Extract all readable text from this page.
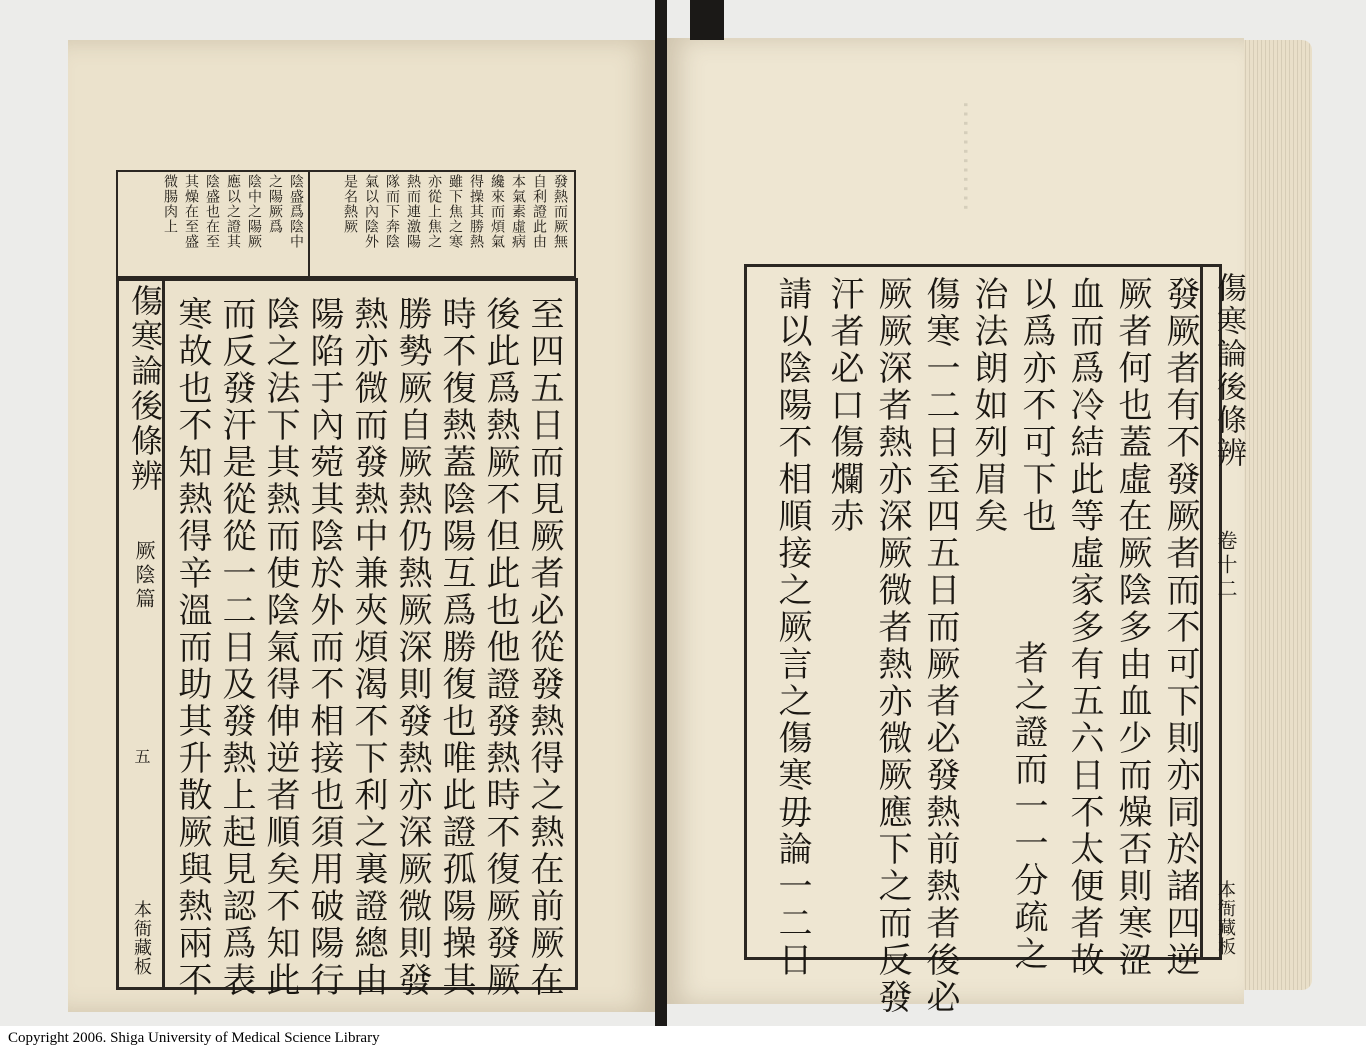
⋯⋯⋯⋯
發熱而厥無
自利證此由
本氣素虛病
纔來而煩氣
得操其勝熱
雖下焦之寒
亦從上焦之
熱而連激陽
隊而下奔陰
氣以內陰外
是名熱厥
陰盛爲陰中
之陽厥爲
陰中之陽厥
應以之證其
陰盛也在至
其燥在至盛
微腸肉上
傷寒論後條辨
厥陰篇
五
本衙藏板	至四五日而見厥者必從發熱得之熱在前厥在
後此爲熱厥不但此也他證發熱時不復厥發厥
時不復熱蓋陰陽互爲勝復也唯此證孤陽操其
勝勢厥自厥熱仍熱厥深則發熱亦深厥微則發
熱亦微而發熱中兼夾煩渴不下利之裏證總由
陽陷于內菀其陰於外而不相接也須用破陽行
陰之法下其熱而使陰氣得伸逆者順矣不知此
而反發汗是從從一二日及發熱上起見認爲表
寒故也不知熱得辛溫而助其升散厥與熱兩不	傷寒論後條辨
卷十二
本衙藏板
發厥者有不發厥者而不可下則亦同於諸四逆
厥者何也蓋虛在厥陰多由血少而燥否則寒涩
血而爲冷結此等虛家多有五六日不太便者故
以爲亦不可下也
治法朗如列眉矣
傷寒一二日至四五日而厥者必發熱前熱者後必
厥厥深者熱亦深厥微者熱亦微厥應下之而反發
汗者必口傷爛赤
請以陰陽不相順接之厥言之傷寒毋論一二日	者之證而一一分疏之
Copyright 2006. Shiga University of Medical Science Library
